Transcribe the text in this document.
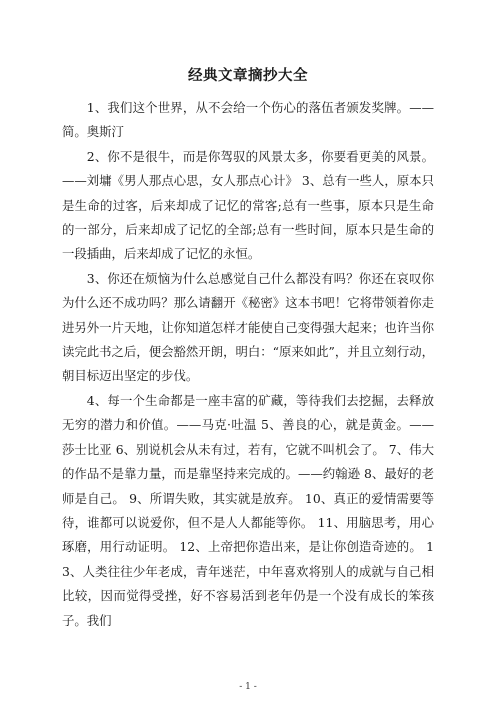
经典文章摘抄大全

1、我们这个世界，从不会给一个伤心的落伍者颁发奖牌。——简。奥斯汀

2、你不是很牛，而是你驾驭的风景太多，你要看更美的风景。——刘墉《男人那点心思，女人那点心计》 3、总有一些人，原本只是生命的过客，后来却成了记忆的常客;总有一些事，原本只是生命的一部分，后来却成了记忆的全部;总有一些时间，原本只是生命的一段插曲，后来却成了记忆的永恒。

3、你还在烦恼为什么总感觉自己什么都没有吗？你还在哀叹你为什么还不成功吗？那么请翻开《秘密》这本书吧！它将带领着你走进另外一片天地，让你知道怎样才能使自己变得强大起来；也许当你读完此书之后，便会豁然开朗，明白：“原来如此”，并且立刻行动，朝目标迈出坚定的步伐。

4、每一个生命都是一座丰富的矿藏，等待我们去挖掘，去释放无穷的潜力和价值。——马克·吐温 5、善良的心，就是黄金。——莎士比亚 6、别说机会从未有过，若有，它就不叫机会了。 7、伟大的作品不是靠力量，而是靠坚持来完成的。——约翰逊 8、最好的老师是自己。 9、所谓失败，其实就是放弃。 10、真正的爱情需要等待，谁都可以说爱你，但不是人人都能等你。 11、用脑思考，用心琢磨，用行动证明。 12、上帝把你造出来，是让你创造奇迹的。 13、人类往往少年老成，青年迷茫，中年喜欢将别人的成就与自己相比较，因而觉得受挫，好不容易活到老年仍是一个没有成长的笨孩子。我们

- 1 -
